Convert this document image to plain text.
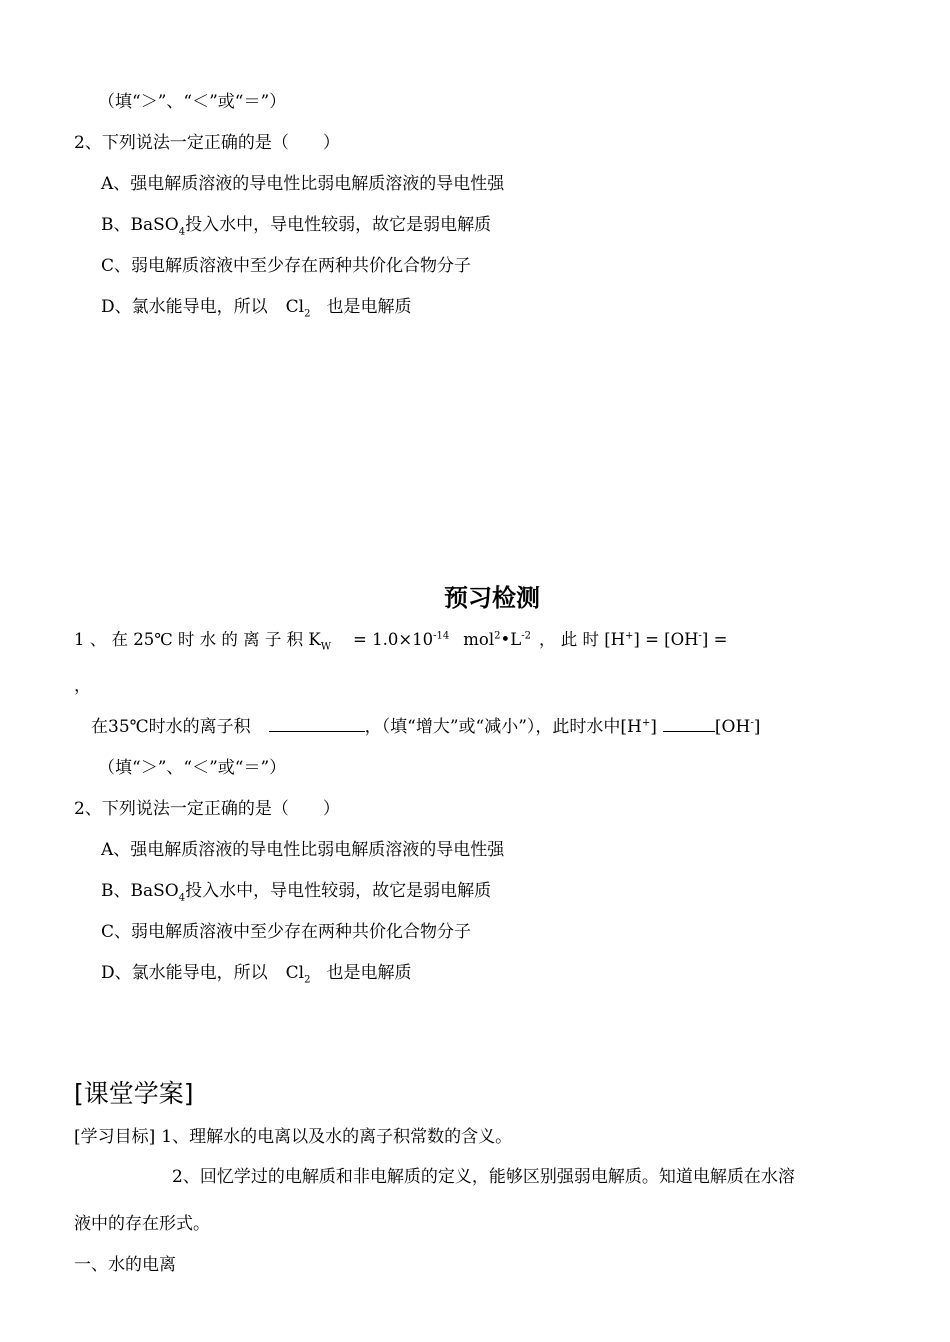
（填“＞”、“＜”或“＝”）
2、下列说法一定正确的是（　　）
A、强电解质溶液的导电性比弱电解质溶液的导电性强
B、BaSO$_4$投入水中，导电性较弱，故它是弱电解质
C、弱电解质溶液中至少存在两种共价化合物分子
D、氯水能导电，所以 $Cl_2$ 也是电解质
预习检测
1 、 在 25℃ 时 水 的 离 子 积 $K_W = 1.0\times 10^{-14}$ $mol^2•L^{-2}$ ， 此 时 [H+] = [OH-] =
，
在35℃时水的离子积	，（填“增大”或“减小”），此时水中[H+]	[OH-]
（填“＞”、“＜”或“＝”）
2、下列说法一定正确的是（　　）
A、强电解质溶液的导电性比弱电解质溶液的导电性强
B、BaSO$_4$投入水中，导电性较弱，故它是弱电解质
C、弱电解质溶液中至少存在两种共价化合物分子
D、氯水能导电，所以 $Cl_2$ 也是电解质
[课堂学案]
[学习目标] 1、理解水的电离以及水的离子积常数的含义。
2、回忆学过的电解质和非电解质的定义，能够区别强弱电解质。知道电解质在水溶
液中的存在形式。
一、水的电离
